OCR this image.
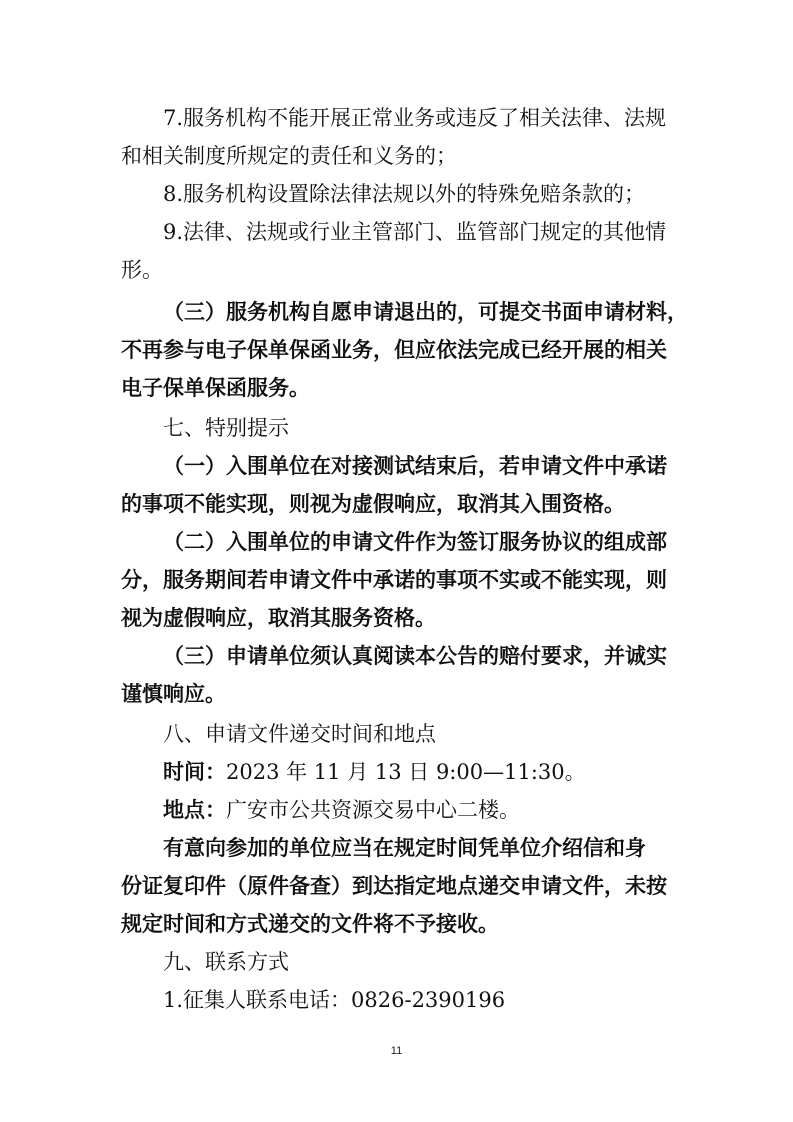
7.服务机构不能开展正常业务或违反了相关法律、法规
和相关制度所规定的责任和义务的；
8.服务机构设置除法律法规以外的特殊免赔条款的；
9.法律、法规或行业主管部门、监管部门规定的其他情
形。
（三）服务机构自愿申请退出的，可提交书面申请材料，
不再参与电子保单保函业务，但应依法完成已经开展的相关
电子保单保函服务。
七、特别提示
（一）入围单位在对接测试结束后，若申请文件中承诺
的事项不能实现，则视为虚假响应，取消其入围资格。
（二）入围单位的申请文件作为签订服务协议的组成部
分，服务期间若申请文件中承诺的事项不实或不能实现，则
视为虚假响应，取消其服务资格。
（三）申请单位须认真阅读本公告的赔付要求，并诚实
谨慎响应。
八、申请文件递交时间和地点
时间：2023 年 11 月 13 日 9:00—11:30。
地点：广安市公共资源交易中心二楼。
有意向参加的单位应当在规定时间凭单位介绍信和身
份证复印件（原件备查）到达指定地点递交申请文件，未按
规定时间和方式递交的文件将不予接收。
九、联系方式
1.征集人联系电话：0826-2390196
11
